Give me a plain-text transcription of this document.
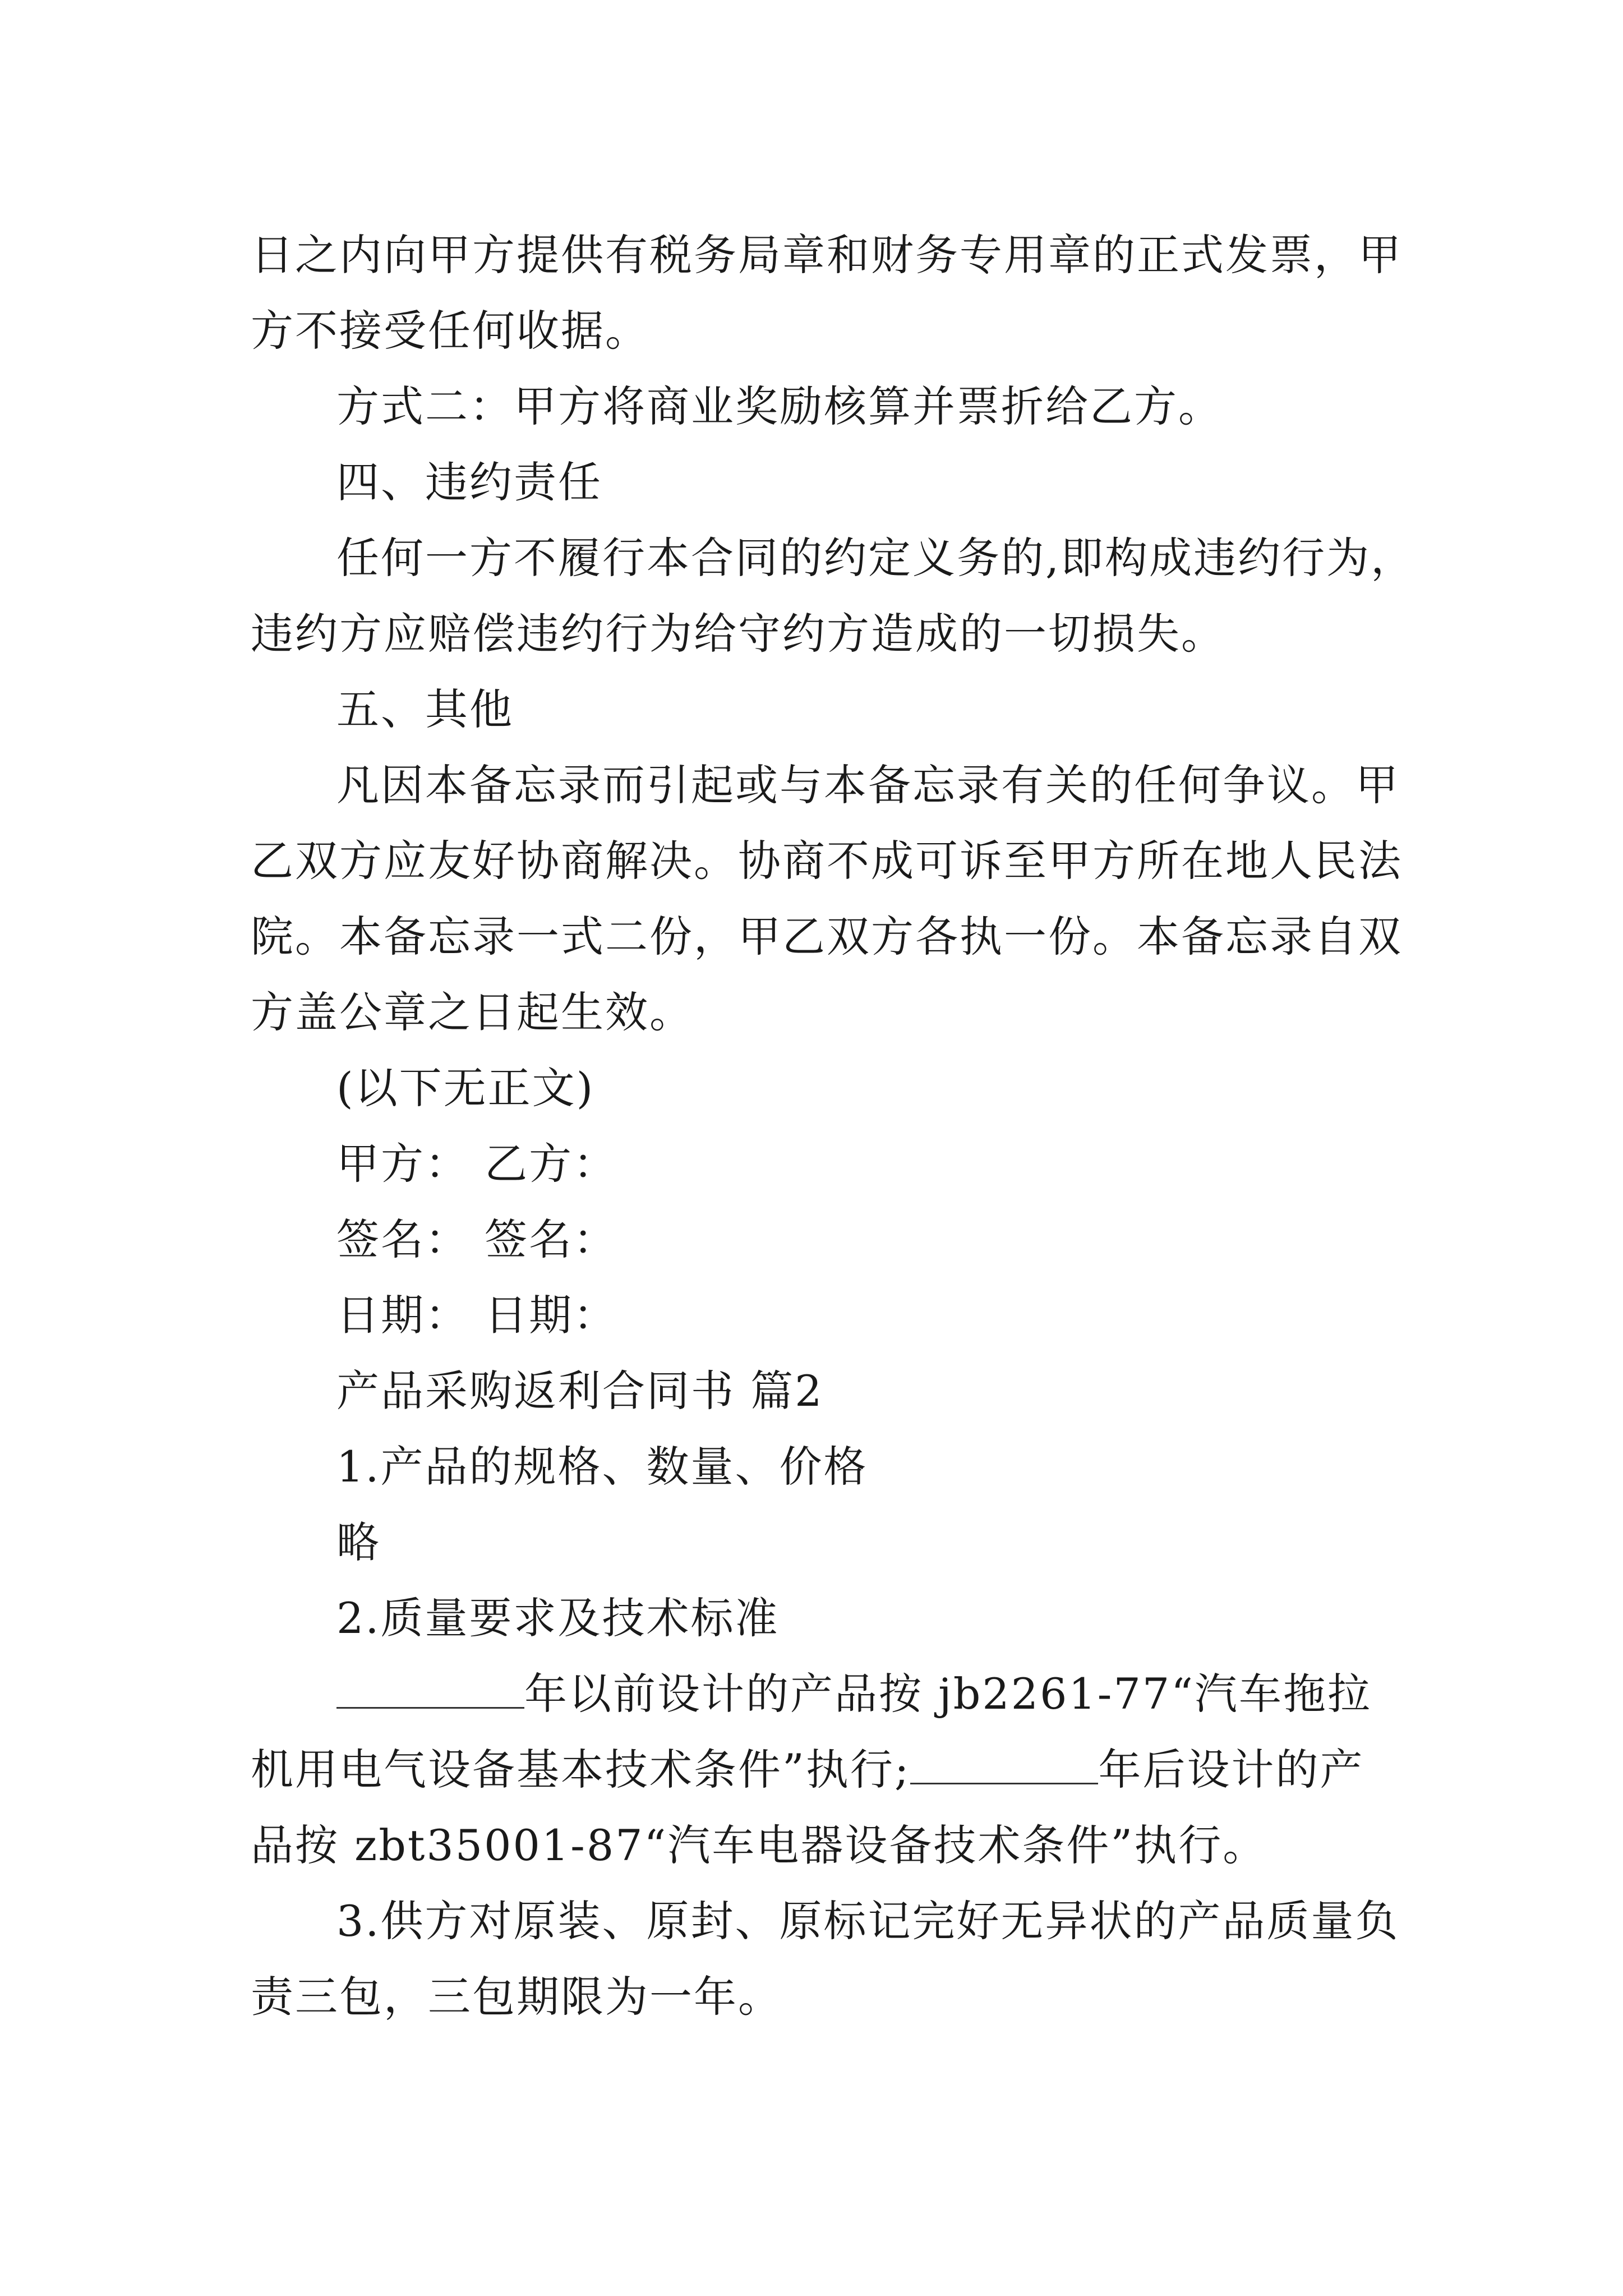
日之内向甲方提供有税务局章和财务专用章的正式发票，甲
方不接受任何收据。
方式二：甲方将商业奖励核算并票折给乙方。
四、违约责任
任何一方不履行本合同的约定义务的,即构成违约行为，
违约方应赔偿违约行为给守约方造成的一切损失。
五、其他
凡因本备忘录而引起或与本备忘录有关的任何争议。甲
乙双方应友好协商解决。协商不成可诉至甲方所在地人民法
院。本备忘录一式二份，甲乙双方各执一份。本备忘录自双
方盖公章之日起生效。
(以下无正文)
甲方： 乙方：
签名： 签名：
日期： 日期：
产品采购返利合同书 篇2
1.产品的规格、数量、价格
略
2.质量要求及技术标准
年以前设计的产品按 jb2261-77“汽车拖拉
机用电气设备基本技术条件”执行;	年后设计的产
品按 zbt35001-87“汽车电器设备技术条件”执行。
3.供方对原装、原封、原标记完好无异状的产品质量负
责三包，三包期限为一年。
